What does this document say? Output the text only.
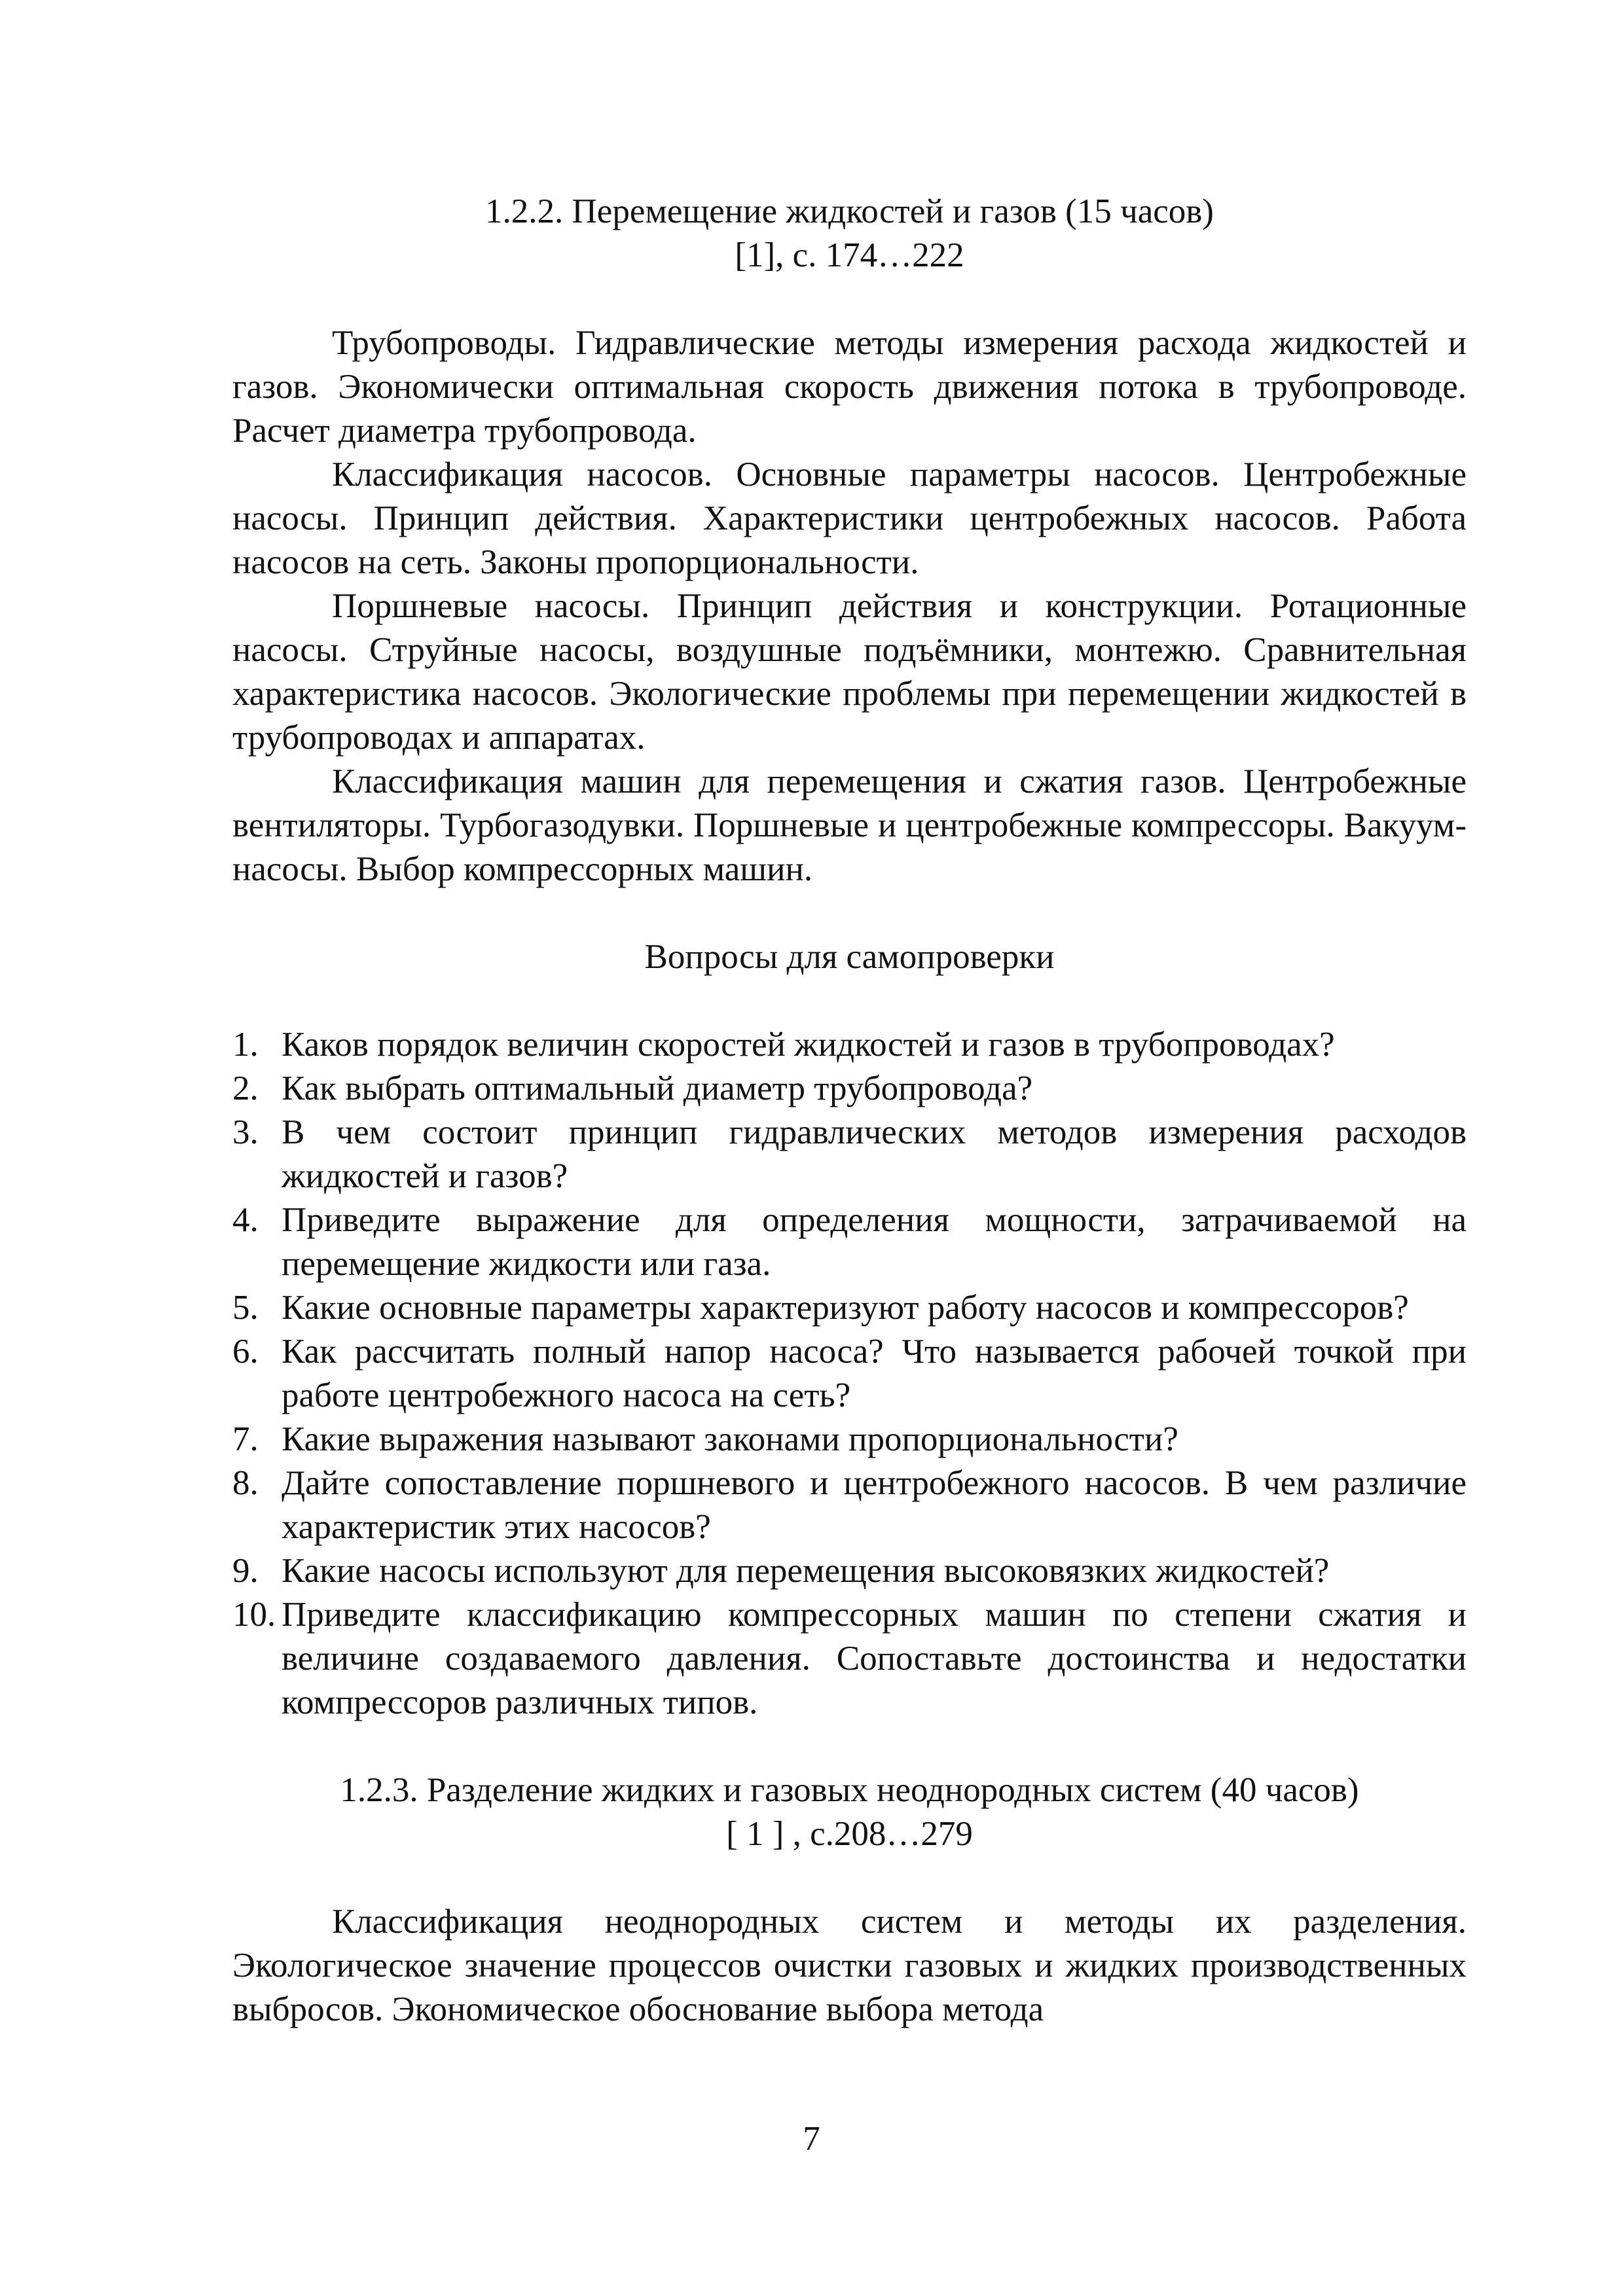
1.2.2. Перемещение жидкостей и газов (15 часов)
[1], с. 174…222

Трубопроводы. Гидравлические методы измерения расхода жидкостей и газов. Экономически оптимальная скорость движения потока в трубопроводе. Расчет диаметра трубопровода.

Классификация насосов. Основные параметры насосов. Центробежные насосы. Принцип действия. Характеристики центробежных насосов. Работа насосов на сеть. Законы пропорциональности.

Поршневые насосы. Принцип действия и конструкции. Ротационные насосы. Струйные насосы, воздушные подъёмники, монтежю. Сравнительная характеристика насосов. Экологические проблемы при перемещении жидкостей в трубопроводах и аппаратах.

Классификация машин для перемещения и сжатия газов. Центробежные вентиляторы. Турбогазодувки. Поршневые и центробежные компрессоры. Вакуум-насосы. Выбор компрессорных машин.

Вопросы для самопроверки
1. Каков порядок величин скоростей жидкостей и газов в трубопроводах?
2. Как выбрать оптимальный диаметр трубопровода?
3. В чем состоит принцип гидравлических методов измерения расходов жидкостей и газов?
4. Приведите выражение для определения мощности, затрачиваемой на перемещение жидкости или газа.
5. Какие основные параметры характеризуют работу насосов и компрессоров?
6. Как рассчитать полный напор насоса? Что называется рабочей точкой при работе центробежного насоса на сеть?
7. Какие выражения называют законами пропорциональности?
8. Дайте сопоставление поршневого и центробежного насосов. В чем различие характеристик этих насосов?
9. Какие насосы используют для перемещения высоковязких жидкостей?
10. Приведите классификацию компрессорных машин по степени сжатия и величине создаваемого давления. Сопоставьте достоинства и недостатки компрессоров различных типов.
1.2.3. Разделение жидких и газовых неоднородных систем (40 часов)
[ 1 ] , с.208…279

Классификация неоднородных систем и методы их разделения. Экологическое значение процессов очистки газовых и жидких производственных выбросов. Экономическое обоснование выбора метода

7
